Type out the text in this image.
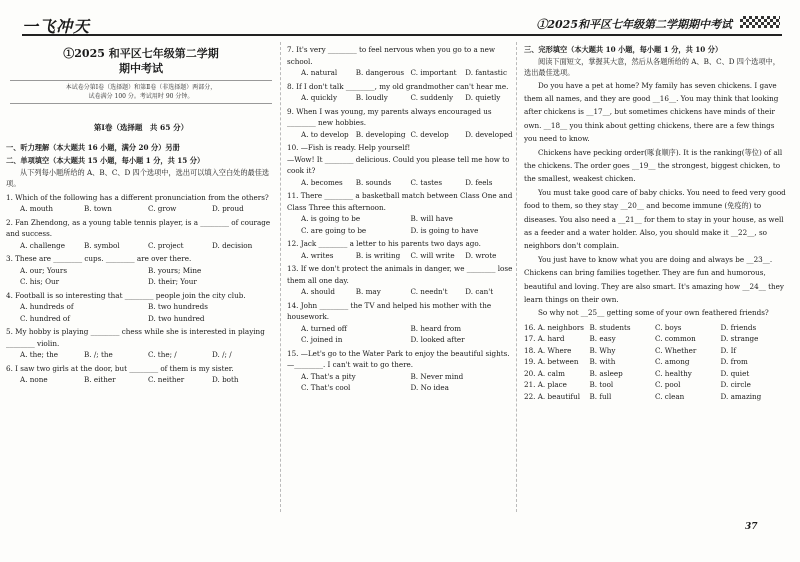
一飞冲天	①2025和平区七年级第二学期期中考试
①2025 和平区七年级第二学期
期中考试
本试卷分第Ⅰ卷（选择题）和第Ⅱ卷（非选择题）两部分，
试卷满分 100 分。考试用时 90 分钟。
第Ⅰ卷（选择题　共 65 分）
一、听力理解（本大题共 16 小题，满分 20 分）另册
二、单项填空（本大题共 15 小题，每小题 1 分，共 15 分）
从下列每小题所给的 A、B、C、D 四个选项中，选出可以填入空白处的最佳选项。
1. Which of the following has a different pronunciation from the others?
A. mouth	B. town	C. grow	D. proud
2. Fan Zhendong, as a young table tennis player, is a ________ of courage and success.
A. challenge	B. symbol	C. project	D. decision
3. These are ________ cups. ________ are over there.
A. our; Yours	B. yours; Mine
C. his; Our	D. their; Your
4. Football is so interesting that ________ people join the city club.
A. hundreds of	B. two hundreds
C. hundred of	D. two hundred
5. My hobby is playing ________ chess while she is interested in playing ________ violin.
A. the; the	B. /; the	C. the; /	D. /; /
6. I saw two girls at the door, but ________ of them is my sister.
A. none	B. either	C. neither	D. both
7. It's very ________ to feel nervous when you go to a new school.
A. natural	B. dangerous C. important	D. fantastic
8. If I don't talk ________, my old grandmother can't hear me.
A. quickly	B. loudly	C. suddenly	D. quietly
9. When I was young, my parents always encouraged us ________ new hobbies.
A. to develop B. developing C. develop	D. developed
10. —Fish is ready. Help yourself!
—Wow! It ________ delicious. Could you please tell me how to cook it?
A. becomes	B. sounds	C. tastes	D. feels
11. There ________ a basketball match between Class One and Class Three this afternoon.
A. is going to be	B. will have
C. are going to be	D. is going to have
12. Jack ________ a letter to his parents two days ago.
A. writes	B. is writing	C. will write	D. wrote
13. If we don't protect the animals in danger, we ________ lose them all one day.
A. should	B. may	C. needn't	D. can't
14. John ________ the TV and helped his mother with the housework.
A. turned off	B. heard from
C. joined in	D. looked after
15. —Let's go to the Water Park to enjoy the beautiful sights.
—________. I can't wait to go there.
A. That's a pity	B. Never mind
C. That's cool	D. No idea
三、完形填空（本大题共 10 小题，每小题 1 分，共 10 分）
阅读下面短文，掌握其大意，然后从各题所给的 A、B、C、D 四个选项中，选出最佳选项。

Do you have a pet at home? My family has seven chickens. I gave them all names, and they are good __16__. You may think that looking after chickens is __17__, but sometimes chickens have minds of their own. __18__ you think about getting chickens, there are a few things you need to know.

Chickens have pecking order(啄食顺序). It is the ranking(等位) of all the chickens. The order goes __19__ the strongest, biggest chicken, to the smallest, weakest chicken.

You must take good care of baby chicks. You need to feed very good food to them, so they stay __20__ and become immune (免疫的) to diseases. You also need a __21__ for them to stay in your house, as well as a feeder and a water holder. Also, you should make it __22__, so neighbors don't complain.

You just have to know what you are doing and always be __23__. Chickens can bring families together. They are fun and humorous, beautiful and loving. They are also smart. It's amazing how __24__ they learn things on their own.

So why not __25__ getting some of your own feathered friends?

16. A. neighbors B. students	C. boys	D. friends
17. A. hard	B. easy	C. common	D. strange
18. A. Where	B. Why	C. Whether	D. If
19. A. between	B. with	C. among	D. from
20. A. calm	B. asleep	C. healthy	D. quiet
21. A. place	B. tool	C. pool	D. circle
22. A. beautiful	B. full	C. clean	D. amazing
37
